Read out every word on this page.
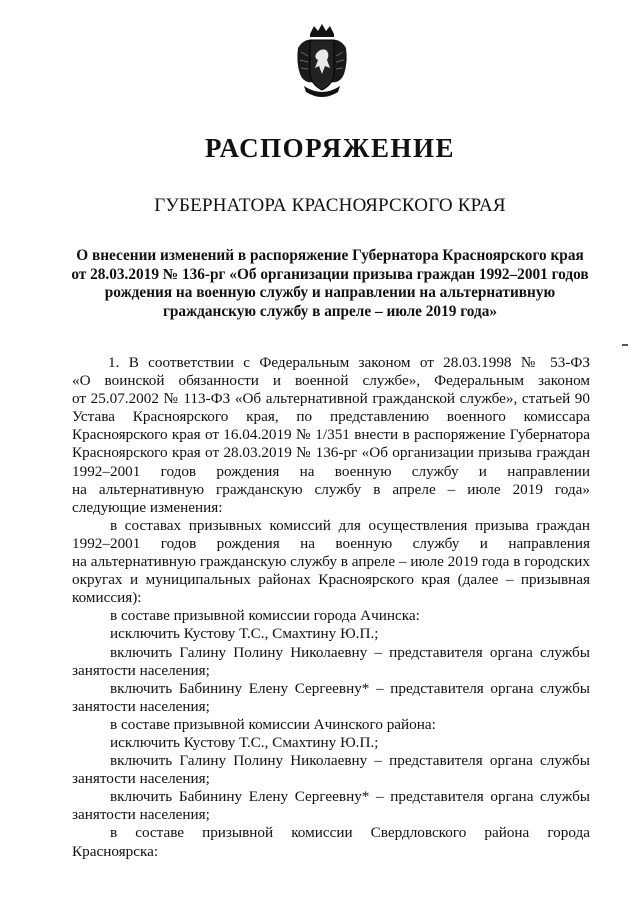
РАСПОРЯЖЕНИЕ
ГУБЕРНАТОРА КРАСНОЯРСКОГО КРАЯ
О внесении изменений в распоряжение Губернатора Красноярского края
от 28.03.2019 № 136-рг «Об организации призыва граждан 1992–2001 годов
рождения на военную службу и направлении на альтернативную
гражданскую службу в апреле – июле 2019 года»
1. В соответствии с Федеральным законом от 28.03.1998 № 53-ФЗ
«О воинской обязанности и военной службе», Федеральным законом
от 25.07.2002 № 113-ФЗ «Об альтернативной гражданской службе», статьей 90
Устава Красноярского края, по представлению военного комиссара
Красноярского края от 16.04.2019 № 1/351 внести в распоряжение Губернатора
Красноярского края от 28.03.2019 № 136-рг «Об организации призыва граждан
1992–2001 годов рождения на военную службу и направлении
на альтернативную гражданскую службу в апреле – июле 2019 года»
следующие изменения:
в составах призывных комиссий для осуществления призыва граждан
1992–2001 годов рождения на военную службу и направления
на альтернативную гражданскую службу в апреле – июле 2019 года в городских
округах и муниципальных районах Красноярского края (далее – призывная
комиссия):
в составе призывной комиссии города Ачинска:
исключить Кустову Т.С., Смахтину Ю.П.;
включить Галину Полину Николаевну – представителя органа службы
занятости населения;
включить Бабинину Елену Сергеевну* – представителя органа службы
занятости населения;
в составе призывной комиссии Ачинского района:
исключить Кустову Т.С., Смахтину Ю.П.;
включить Галину Полину Николаевну – представителя органа службы
занятости населения;
включить Бабинину Елену Сергеевну* – представителя органа службы
занятости населения;
в составе призывной комиссии Свердловского района города
Красноярска:
